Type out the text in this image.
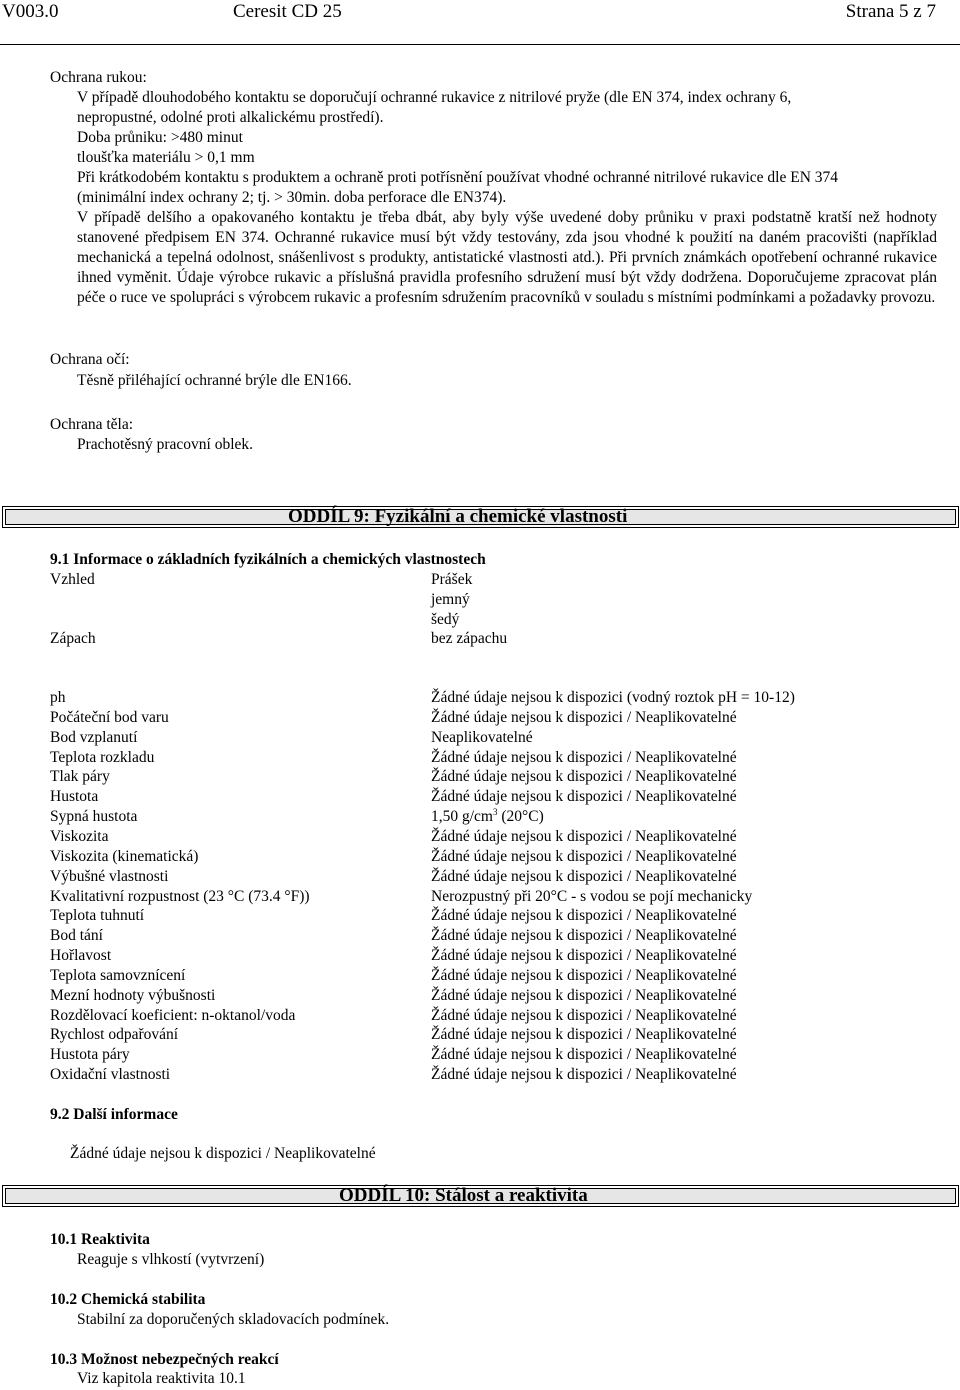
V003.0	Ceresit CD 25	Strana 5 z 7
Ochrana rukou:
V případě dlouhodobého kontaktu se doporučují ochranné rukavice z nitrilové pryže (dle EN 374, index ochrany 6,
nepropustné, odolné proti alkalickému prostředí).
Doba průniku: >480 minut
tloušťka materiálu > 0,1 mm
Při krátkodobém kontaktu s produktem a ochraně proti potřísnění používat vhodné ochranné nitrilové rukavice dle EN 374
(minimální index ochrany 2; tj. > 30min. doba perforace dle EN374).
V případě delšího a opakovaného kontaktu je třeba dbát, aby byly výše uvedené doby průniku v praxi podstatně kratší než hodnoty stanovené předpisem EN 374. Ochranné rukavice musí být vždy testovány, zda jsou vhodné k použití na daném pracovišti (například mechanická a tepelná odolnost, snášenlivost s produkty, antistatické vlastnosti atd.). Při prvních známkách opotřebení ochranné rukavice ihned vyměnit. Údaje výrobce rukavic a příslušná pravidla profesního sdružení musí být vždy dodržena. Doporučujeme zpracovat plán péče o ruce ve spolupráci s výrobcem rukavic a profesním sdružením pracovníků v souladu s místními podmínkami a požadavky provozu.
Ochrana očí:
Těsně přiléhající ochranné brýle dle EN166.
Ochrana těla:
Prachotěsný pracovní oblek.
ODDÍL 9: Fyzikální a chemické vlastnosti
9.1 Informace o základních fyzikálních a chemických vlastnostech
Vzhled	Prášek
jemný
šedý
Zápach	bez zápachu
ph	Žádné údaje nejsou k dispozici (vodný roztok pH = 10-12)
Počáteční bod varu	Žádné údaje nejsou k dispozici / Neaplikovatelné
Bod vzplanutí	Neaplikovatelné
Teplota rozkladu	Žádné údaje nejsou k dispozici / Neaplikovatelné
Tlak páry	Žádné údaje nejsou k dispozici / Neaplikovatelné
Hustota	Žádné údaje nejsou k dispozici / Neaplikovatelné
Sypná hustota	1,50 $g/cm^3$ (20°C)
Viskozita	Žádné údaje nejsou k dispozici / Neaplikovatelné
Viskozita (kinematická)	Žádné údaje nejsou k dispozici / Neaplikovatelné
Výbušné vlastnosti	Žádné údaje nejsou k dispozici / Neaplikovatelné
Kvalitativní rozpustnost (23 °C (73.4 °F))	Nerozpustný při 20°C - s vodou se pojí mechanicky
Teplota tuhnutí	Žádné údaje nejsou k dispozici / Neaplikovatelné
Bod tání	Žádné údaje nejsou k dispozici / Neaplikovatelné
Hořlavost	Žádné údaje nejsou k dispozici / Neaplikovatelné
Teplota samovznícení	Žádné údaje nejsou k dispozici / Neaplikovatelné
Mezní hodnoty výbušnosti	Žádné údaje nejsou k dispozici / Neaplikovatelné
Rozdělovací koeficient: n-oktanol/voda	Žádné údaje nejsou k dispozici / Neaplikovatelné
Rychlost odpařování	Žádné údaje nejsou k dispozici / Neaplikovatelné
Hustota páry	Žádné údaje nejsou k dispozici / Neaplikovatelné
Oxidační vlastnosti	Žádné údaje nejsou k dispozici / Neaplikovatelné
9.2 Další informace
Žádné údaje nejsou k dispozici / Neaplikovatelné
ODDÍL 10: Stálost a reaktivita
10.1 Reaktivita
Reaguje s vlhkostí (vytvrzení)
10.2 Chemická stabilita
Stabilní za doporučených skladovacích podmínek.
10.3 Možnost nebezpečných reakcí
Viz kapitola reaktivita 10.1
